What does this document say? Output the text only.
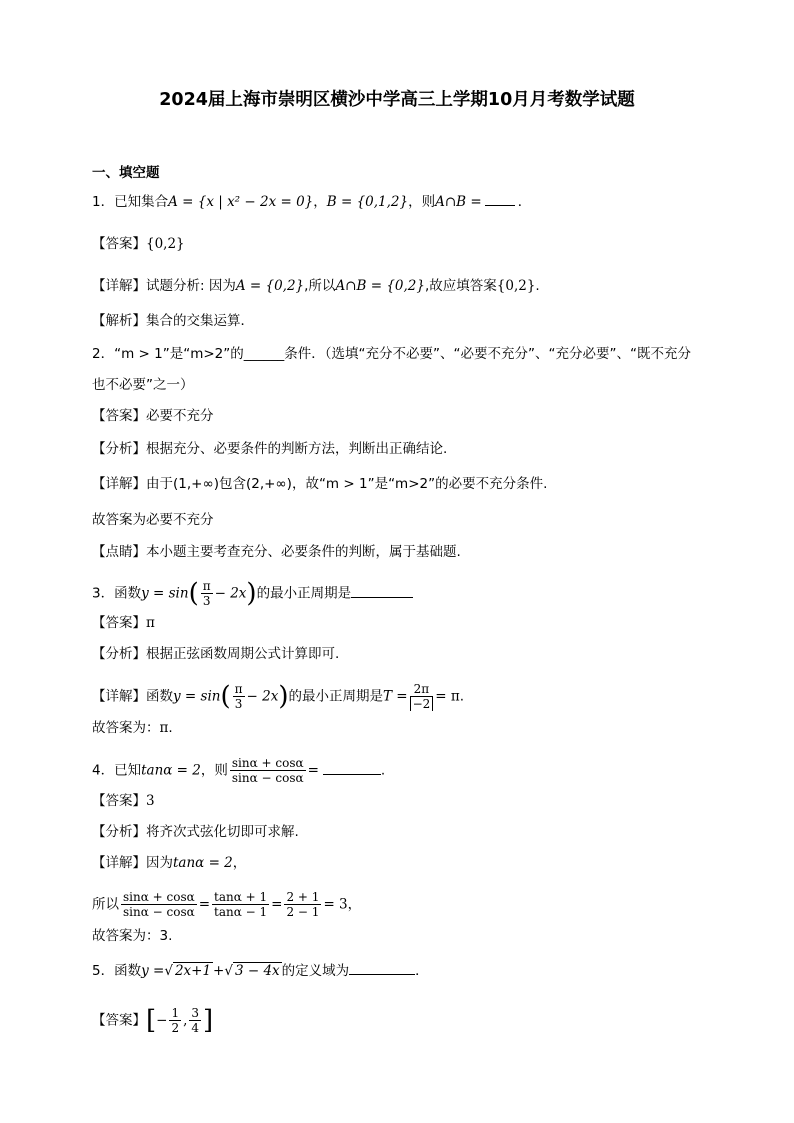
2024届上海市崇明区横沙中学高三上学期10月月考数学试题
一、填空题
1．已知集合A = {x | x² − 2x = 0}，B = {0,1,2}，则A∩B =	．
【答案】{0,2}
【详解】试题分析: 因为A = {0,2},所以A∩B = {0,2},故应填答案{0,2}.
【解析】集合的交集运算．
2．“m > 1”是“m>2”的______条件．（选填“充分不必要”、“必要不充分”、“充分必要”、“既不充分
也不必要”之一）
【答案】必要不充分
【分析】根据充分、必要条件的判断方法，判断出正确结论.
【详解】由于(1,+∞)包含(2,+∞)，故“m > 1”是“m>2”的必要不充分条件.
故答案为必要不充分
【点睛】本小题主要考查充分、必要条件的判断，属于基础题.
3．函数$y = \sin( \frac{\pi}{3} - 2x)$的最小正周期是
【答案】π
【分析】根据正弦函数周期公式计算即可.
【详解】函数$y = \sin( \frac{\pi}{3} - 2x)$的最小正周期是$T = \frac{2\pi}{-2} = \pi$.
故答案为：π.
4．已知tanα = 2，则 $\frac{\sin\alpha + \cos\alpha}{\sin\alpha - \cos\alpha}$ =	.
【答案】3
【分析】将齐次式弦化切即可求解.
【详解】因为tanα = 2，
所以 $\frac{\sin\alpha + \cos\alpha}{\sin\alpha - \cos\alpha} = \frac{\tan\alpha + 1}{\tan\alpha - 1} = \frac{2 + 1}{2 - 1} = 3$，
故答案为：3.
5．函数y =√ 2x+1 +√ 3 − 4x 的定义域为	．
【答案】[− $\frac{1}{2}$ , $\frac{3}{4}$ ]
